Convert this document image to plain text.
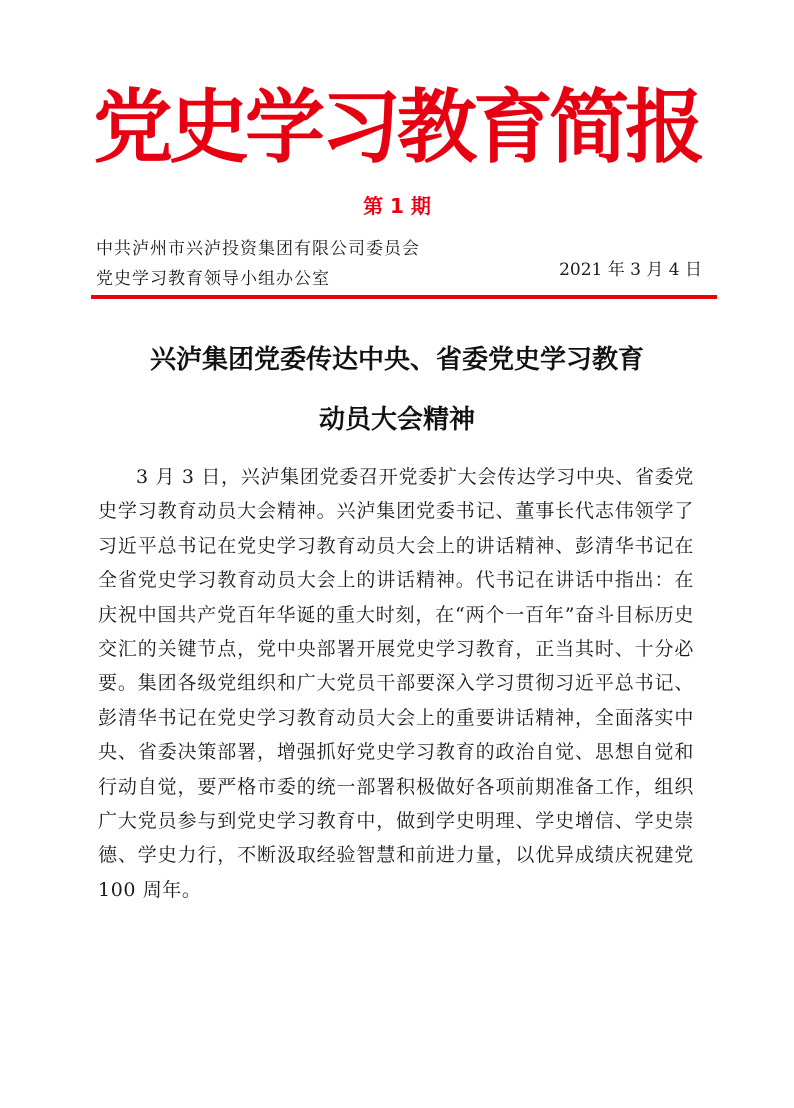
党史学习教育简报
第 1 期
中共泸州市兴泸投资集团有限公司委员会
党史学习教育领导小组办公室	2021 年 3 月 4 日
兴泸集团党委传达中央、省委党史学习教育
动员大会精神

3 月 3 日，兴泸集团党委召开党委扩大会传达学习中央、省委党史学习教育动员大会精神。兴泸集团党委书记、董事长代志伟领学了习近平总书记在党史学习教育动员大会上的讲话精神、彭清华书记在全省党史学习教育动员大会上的讲话精神。代书记在讲话中指出：在庆祝中国共产党百年华诞的重大时刻，在“两个一百年”奋斗目标历史交汇的关键节点，党中央部署开展党史学习教育，正当其时、十分必要。集团各级党组织和广大党员干部要深入学习贯彻习近平总书记、彭清华书记在党史学习教育动员大会上的重要讲话精神，全面落实中央、省委决策部署，增强抓好党史学习教育的政治自觉、思想自觉和行动自觉，要严格市委的统一部署积极做好各项前期准备工作，组织广大党员参与到党史学习教育中，做到学史明理、学史增信、学史崇德、学史力行，不断汲取经验智慧和前进力量，以优异成绩庆祝建党 100 周年。
